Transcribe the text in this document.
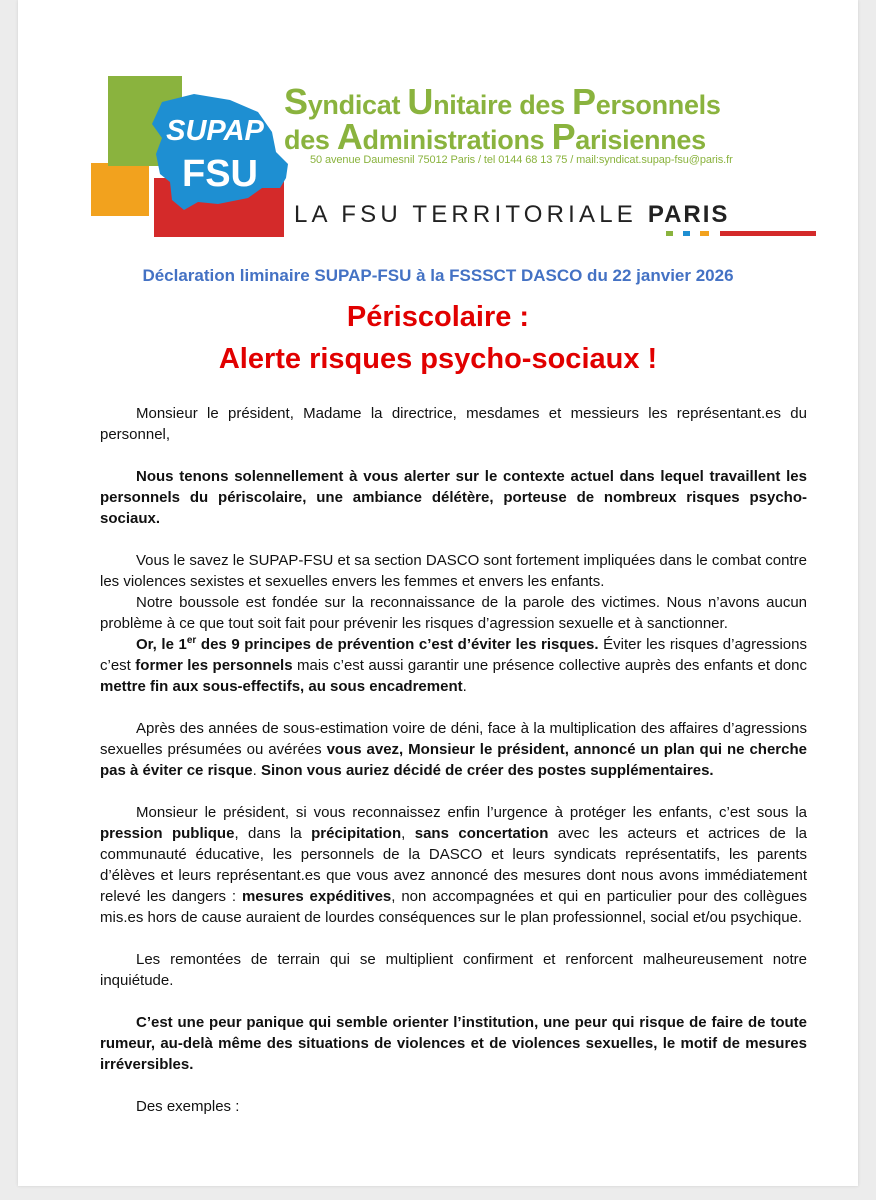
SUPAP
FSU
Syndicat Unitaire des Personnels
des Administrations Parisiennes
50 avenue Daumesnil 75012 Paris / tel 0144 68 13 75 / mail:syndicat.supap-fsu@paris.fr
LA FSU TERRITORIALE PARIS
Déclaration liminaire SUPAP-FSU à la FSSSCT DASCO du 22 janvier 2026
Périscolaire :
Alerte risques psycho-sociaux !

Monsieur le président, Madame la directrice, mesdames et messieurs les représentant.es du personnel,

Nous tenons solennellement à vous alerter sur le contexte actuel dans lequel travaillent les personnels du périscolaire, une ambiance délétère, porteuse de nombreux risques psycho-sociaux.

Vous le savez le SUPAP-FSU et sa section DASCO sont fortement impliquées dans le combat contre les violences sexistes et sexuelles envers les femmes et envers les enfants.

Notre boussole est fondée sur la reconnaissance de la parole des victimes. Nous n’avons aucun problème à ce que tout soit fait pour prévenir les risques d’agression sexuelle et à sanctionner.

Or, le 1er des 9 principes de prévention c’est d’éviter les risques. Éviter les risques d’agressions c’est former les personnels mais c’est aussi garantir une présence collective auprès des enfants et donc mettre fin aux sous-effectifs, au sous encadrement.

Après des années de sous-estimation voire de déni, face à la multiplication des affaires d’agressions sexuelles présumées ou avérées vous avez, Monsieur le président, annoncé un plan qui ne cherche pas à éviter ce risque. Sinon vous auriez décidé de créer des postes supplémentaires.

Monsieur le président, si vous reconnaissez enfin l’urgence à protéger les enfants, c’est sous la pression publique, dans la précipitation, sans concertation avec les acteurs et actrices de la communauté éducative, les personnels de la DASCO et leurs syndicats représentatifs, les parents d’élèves et leurs représentant.es que vous avez annoncé des mesures dont nous avons immédiatement relevé les dangers : mesures expéditives, non accompagnées et qui en particulier pour des collègues mis.es hors de cause auraient de lourdes conséquences sur le plan professionnel, social et/ou psychique.

Les remontées de terrain qui se multiplient confirment et renforcent malheureusement notre inquiétude.

C’est une peur panique qui semble orienter l’institution, une peur qui risque de faire de toute rumeur, au-delà même des situations de violences et de violences sexuelles, le motif de mesures irréversibles.

Des exemples :
